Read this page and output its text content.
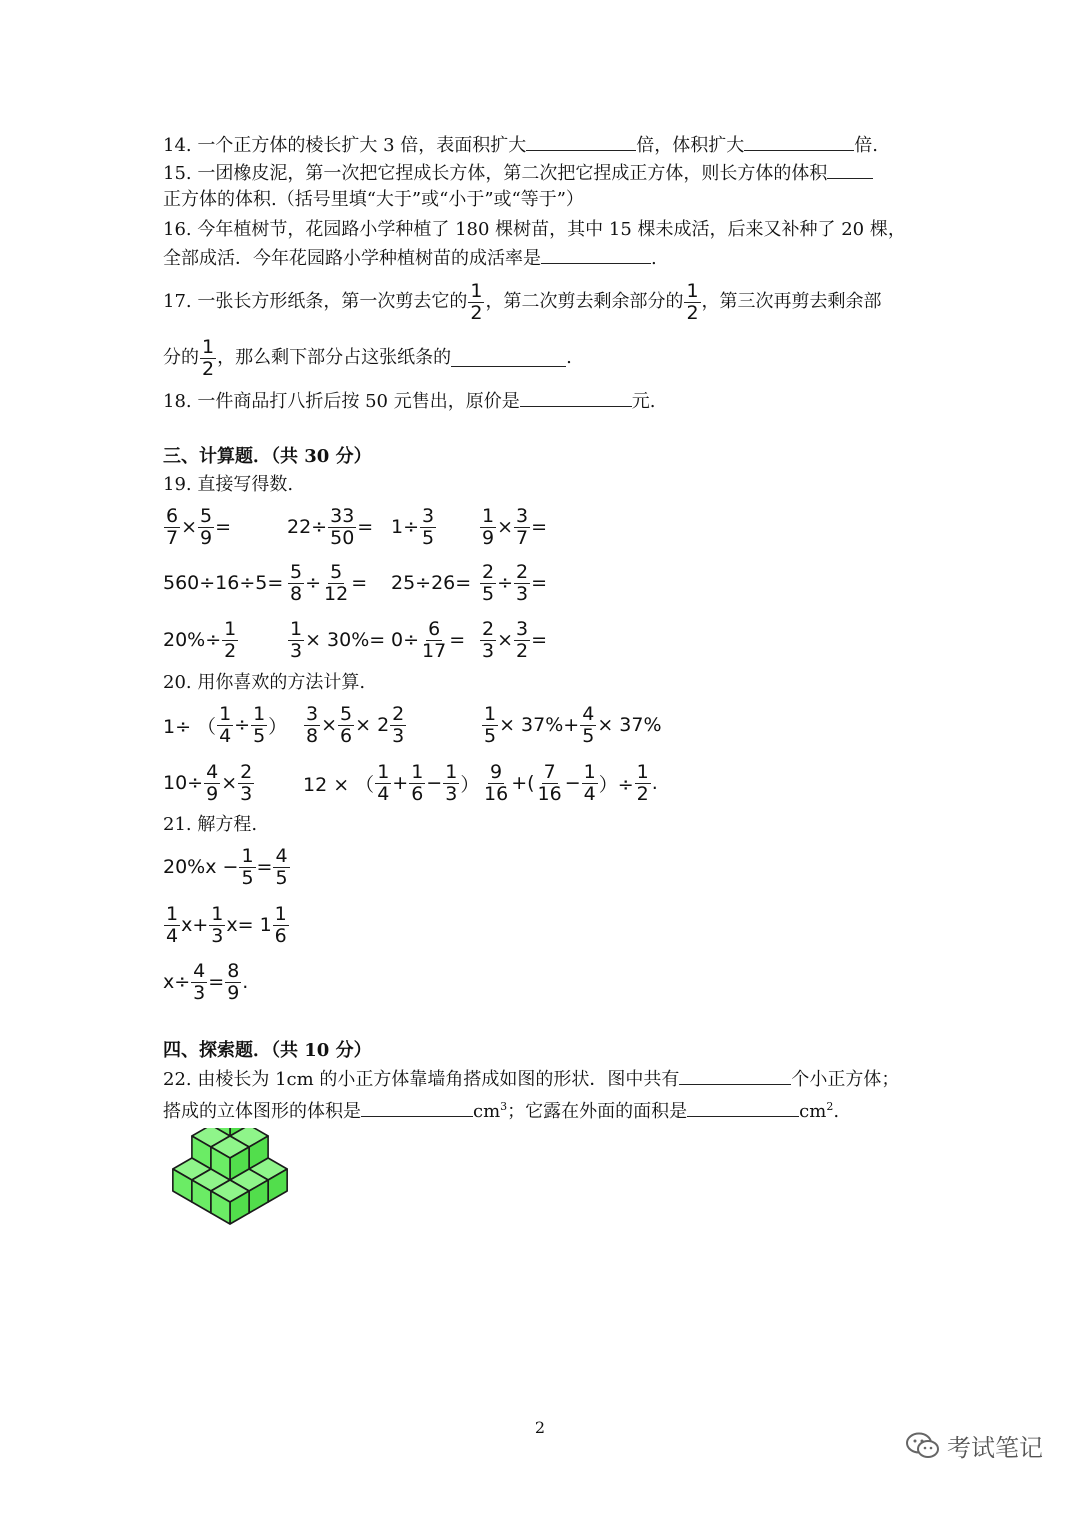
14. 一个正方体的棱长扩大 3 倍，表面积扩大	倍，体积扩大	倍.
15. 一团橡皮泥，第一次把它捏成长方体，第二次把它捏成正方体，则长方体的体积
正方体的体积.（括号里填“大于”或“小于”或“等于”）
16. 今年植树节，花园路小学种植了 180 棵树苗，其中 15 棵未成活，后来又补种了 20 棵，
全部成活．今年花园路小学种植树苗的成活率是	.
17. 一张长方形纸条，第一次剪去它的 $\frac{1}{2}$ ，第二次剪去剩余部分的 $\frac{1}{2}$ ，第三次再剪去剩余部
分的 $\frac{1}{2}$ ，那么剩下部分占这张纸条的	.
18. 一件商品打八折后按 50 元售出，原价是	元.
三、计算题．（共 30 分）
19. 直接写得数.
$\frac{6}{7} \times \frac{5}{9}$ =	$22\div \frac{33}{50} = 1\div \frac{3}{5} \frac{1}{9} \times \frac{3}{7}$ =
$560\div 16\div 5= \frac{5}{8} \div \frac{5}{12} = 25\div 26= \frac{2}{5} \div \frac{2}{3}$ =
$20\%\div \frac{1}{2}$	$\frac{1}{3} \times 30\%= 0\div \frac{6}{17} = \frac{2}{3} \times \frac{3}{2}$ =
20. 用你喜欢的方法计算.
1÷ （ $\frac{1}{4} \div \frac{1}{5}$ ） $\frac{3}{8} \times \frac{5}{6} \times 2 \frac{2}{3}$	$\frac{1}{5} \times 37\%+ \frac{4}{5} \times 37\%$
$10\div \frac{4}{9} \times \frac{2}{3}$	12 × （ $\frac{1}{4} + \frac{1}{6} - \frac{1}{3}$ ） $\frac{9}{16}$ +( $\frac{7}{16} - \frac{1}{4}$ ）÷ $\frac{1}{2}$ .
21. 解方程.
$20\%x - \frac{1}{5} = \frac{4}{5}$
$\frac{1}{4} x+ \frac{1}{3} x= 1 \frac{1}{6}$
$x\div \frac{4}{3} = \frac{8}{9}$ .
四、探索题．（共 10 分）
22. 由棱长为 1cm 的小正方体靠墙角搭成如图的形状．图中共有	个小正方体；
搭成的立体图形的体积是	$cm^3$；它露在外面的面积是	$cm^2$.
2
考试笔记
